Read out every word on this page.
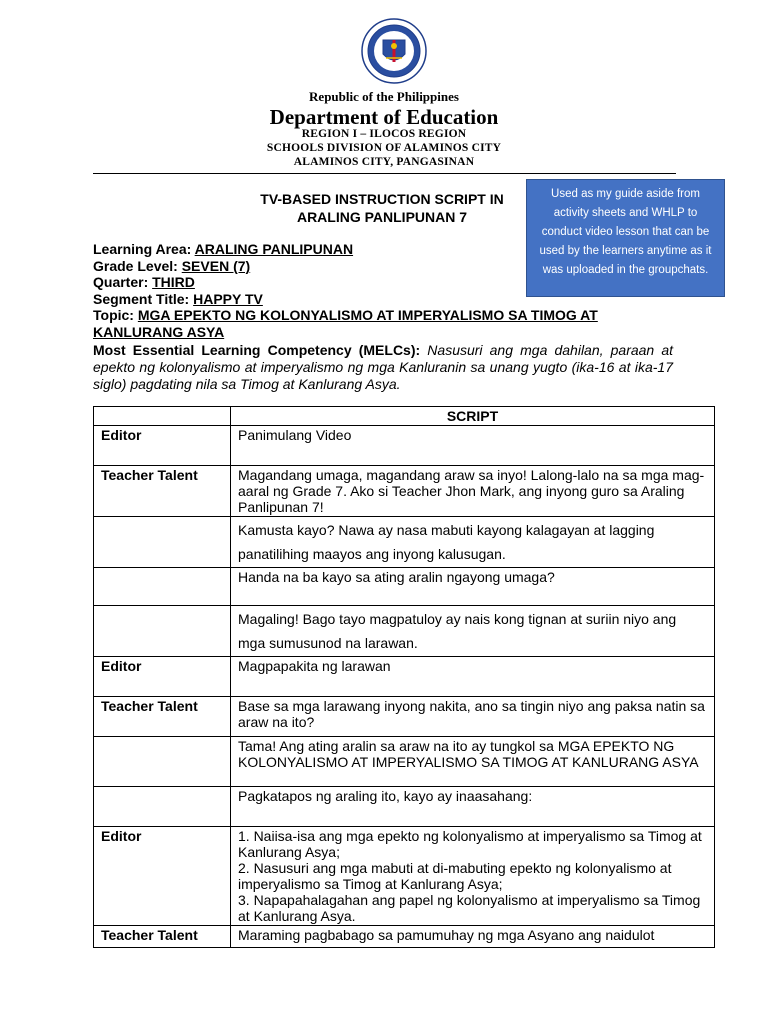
Republic of the Philippines
Department of Education
REGION I – ILOCOS REGION
SCHOOLS DIVISION OF ALAMINOS CITY
ALAMINOS CITY, PANGASINAN
TV-BASED INSTRUCTION SCRIPT IN
ARALING PANLIPUNAN 7
Used as my guide aside from activity sheets and WHLP to conduct video lesson that can be used by the learners anytime as it was uploaded in the groupchats.
Learning Area: ARALING PANLIPUNAN
Grade Level: SEVEN (7)
Quarter: THIRD
Segment Title: HAPPY TV
Topic: MGA EPEKTO NG KOLONYALISMO AT IMPERYALISMO SA TIMOG AT
KANLURANG ASYA
Most Essential Learning Competency (MELCs): Nasusuri ang mga dahilan, paraan at epekto ng kolonyalismo at imperyalismo ng mga Kanluranin sa unang yugto (ika-16 at ika-17 siglo) pagdating nila sa Timog at Kanlurang Asya.
	SCRIPT
Editor	Panimulang Video

Teacher Talent	Magandang umaga, magandang araw sa inyo! Lalong-lalo na sa mga mag-aaral ng Grade 7. Ako si Teacher Jhon Mark, ang inyong guro sa Araling Panlipunan 7!

	Kamusta kayo? Nawa ay nasa mabuti kayong kalagayan at lagging panatilihing maayos ang inyong kalusugan.

	Handa na ba kayo sa ating aralin ngayong umaga?

	Magaling! Bago tayo magpatuloy ay nais kong tignan at suriin niyo ang mga sumusunod na larawan.

Editor	Magpapakita ng larawan

Teacher Talent	Base sa mga larawang inyong nakita, ano sa tingin niyo ang paksa natin sa araw na ito?

	Tama! Ang ating aralin sa araw na ito ay tungkol sa MGA EPEKTO NG KOLONYALISMO AT IMPERYALISMO SA TIMOG AT KANLURANG ASYA

	Pagkatapos ng araling ito, kayo ay inaasahang:

Editor	1. Naiisa-isa ang mga epekto ng kolonyalismo at imperyalismo sa Timog at Kanlurang Asya;
2. Nasusuri ang mga mabuti at di-mabuting epekto ng kolonyalismo at imperyalismo sa Timog at Kanlurang Asya;
3. Napapahalagahan ang papel ng kolonyalismo at imperyalismo sa Timog at Kanlurang Asya.

Teacher Talent	Maraming pagbabago sa pamumuhay ng mga Asyano ang naidulot
